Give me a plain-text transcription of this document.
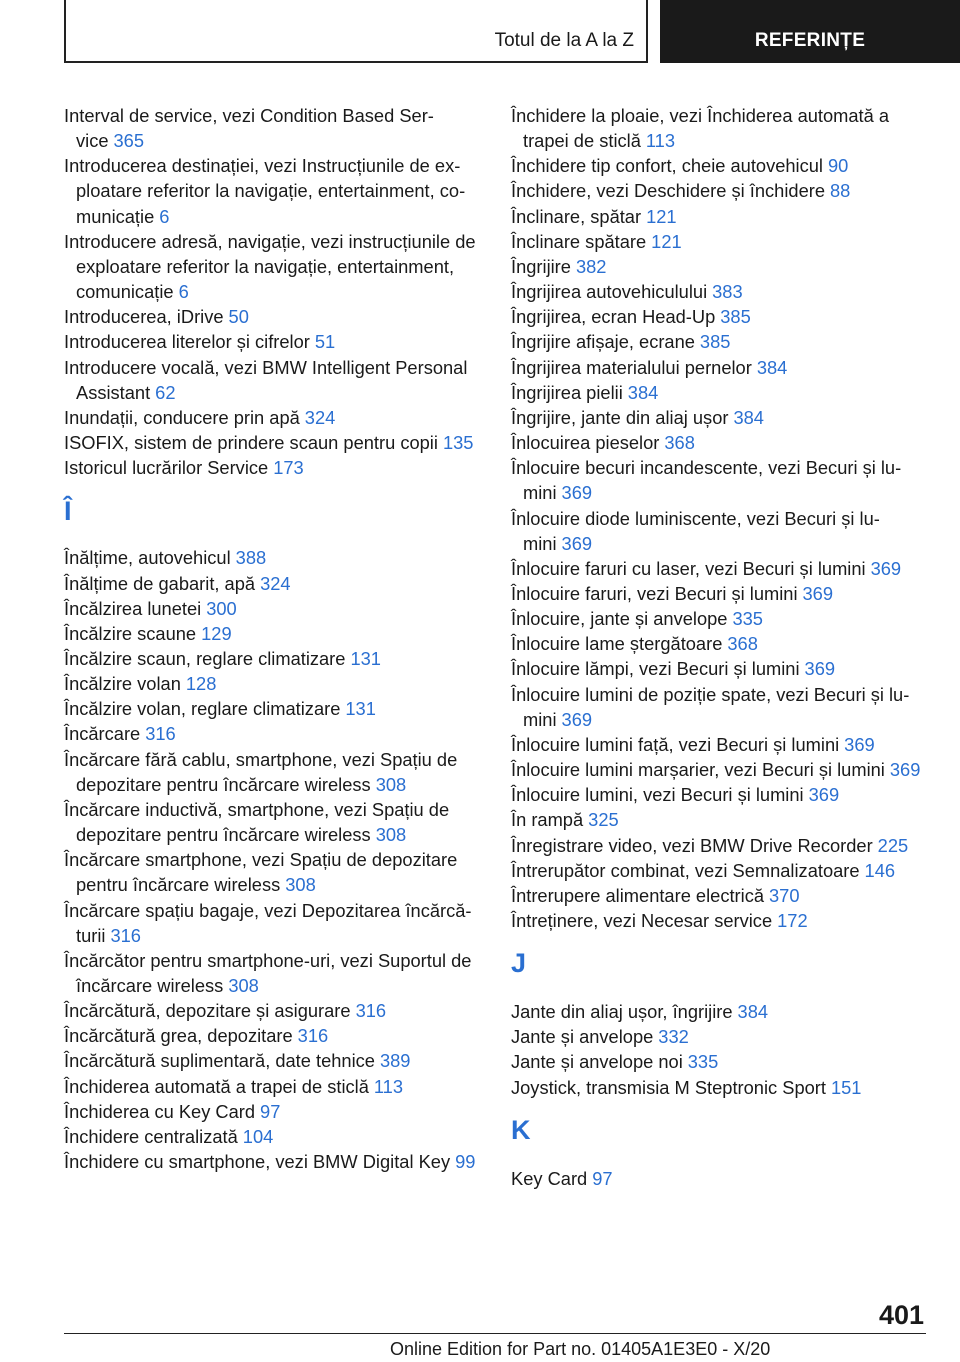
Totul de la A la Z	REFERINȚE
Interval de service, vezi Condition Based Service 365
Introducerea destinației, vezi Instrucțiunile de exploatare referitor la navigație, entertainment, comunicație 6
Introducere adresă, navigație, vezi instrucțiunile de exploatare referitor la navigație, entertainment, comunicație 6
Introducerea, iDrive 50
Introducerea literelor și cifrelor 51
Introducere vocală, vezi BMW Intelligent Personal Assistant 62
Inundații, conducere prin apă 324
ISOFIX, sistem de prindere scaun pentru copii 135
Istoricul lucrărilor Service 173
Î
Înălțime, autovehicul 388
Înălțime de gabarit, apă 324
Încălzirea lunetei 300
Încălzire scaune 129
Încălzire scaun, reglare climatizare 131
Încălzire volan 128
Încălzire volan, reglare climatizare 131
Încărcare 316
Încărcare fără cablu, smartphone, vezi Spațiu de depozitare pentru încărcare wireless 308
Încărcare inductivă, smartphone, vezi Spațiu de depozitare pentru încărcare wireless 308
Încărcare smartphone, vezi Spațiu de depozitare pentru încărcare wireless 308
Încărcare spațiu bagaje, vezi Depozitarea încărcăturii 316
Încărcător pentru smartphone-uri, vezi Suportul de încărcare wireless 308
Încărcătură, depozitare și asigurare 316
Încărcătură grea, depozitare 316
Încărcătură suplimentară, date tehnice 389
Închiderea automată a trapei de sticlă 113
Închiderea cu Key Card 97
Închidere centralizată 104
Închidere cu smartphone, vezi BMW Digital Key 99
Închidere la ploaie, vezi Închiderea automată a trapei de sticlă 113
Închidere tip confort, cheie autovehicul 90
Închidere, vezi Deschidere și închidere 88
Înclinare, spătar 121
Înclinare spătare 121
Îngrijire 382
Îngrijirea autovehiculului 383
Îngrijirea, ecran Head-Up 385
Îngrijire afișaje, ecrane 385
Îngrijirea materialului pernelor 384
Îngrijirea pielii 384
Îngrijire, jante din aliaj ușor 384
Înlocuirea pieselor 368
Înlocuire becuri incandescente, vezi Becuri și lumini 369
Înlocuire diode luminiscente, vezi Becuri și lumini 369
Înlocuire faruri cu laser, vezi Becuri și lumini 369
Înlocuire faruri, vezi Becuri și lumini 369
Înlocuire, jante și anvelope 335
Înlocuire lame ștergătoare 368
Înlocuire lămpi, vezi Becuri și lumini 369
Înlocuire lumini de poziție spate, vezi Becuri și lumini 369
Înlocuire lumini față, vezi Becuri și lumini 369
Înlocuire lumini marșarier, vezi Becuri și lumini 369
Înlocuire lumini, vezi Becuri și lumini 369
În rampă 325
Înregistrare video, vezi BMW Drive Recorder 225
Întrerupător combinat, vezi Semnalizatoare 146
Întrerupere alimentare electrică 370
Întreținere, vezi Necesar service 172
J
Jante din aliaj ușor, îngrijire 384
Jante și anvelope 332
Jante și anvelope noi 335
Joystick, transmisia M Steptronic Sport 151
K
Key Card 97
401
Online Edition for Part no. 01405A1E3E0 - X/20
